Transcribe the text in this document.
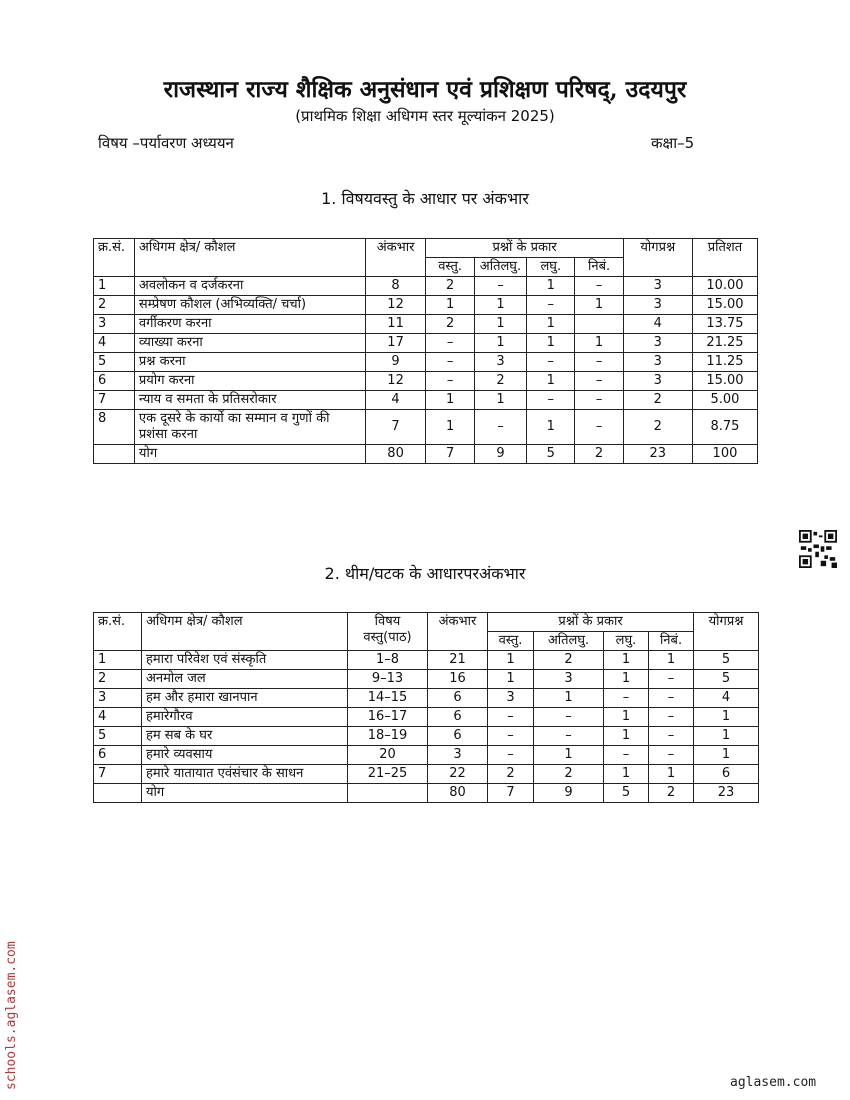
राजस्थान राज्य शैक्षिक अनुसंधान एवं प्रशिक्षण परिषद्, उदयपुर
(प्राथमिक शिक्षा अधिगम स्तर मूल्यांकन 2025)
विषय –पर्यावरण अध्ययन	कक्षा–5
1. विषयवस्तु के आधार पर अंकभार
क्र.सं.	अधिगम क्षेत्र/ कौशल	अंकभार	प्रश्नों के प्रकार				योगप्रश्न	प्रतिशत
			वस्तु.	अतिलघु.	लघु.	निबं.		
1	अवलोकन व दर्जकरना	8	2	–	1	–	3	10.00
2	सम्प्रेषण कौशल (अभिव्यक्ति/ चर्चा)	12	1	1	–	1	3	15.00
3	वर्गीकरण करना	11	2	1	1		4	13.75
4	व्याख्या करना	17	–	1	1	1	3	21.25
5	प्रश्न करना	9	–	3	–	–	3	11.25
6	प्रयोग करना	12	–	2	1	–	3	15.00
7	न्याय व समता के प्रतिसरोकार	4	1	1	–	–	2	5.00
8	एक दूसरे के कार्यो का सम्मान व गुणों की प्रशंसा करना	7	1	–	1	–	2	8.75
	योग	80	7	9	5	2	23	100
2. थीम/घटक के आधारपरअंकभार
क्र.सं.	अधिगम क्षेत्र/ कौशल	विषय वस्तु(पाठ)	अंकभार	प्रश्नों के प्रकार				योगप्रश्न
				वस्तु.	अतिलघु.	लघु.	निबं.	
1	हमारा परिवेश एवं संस्कृति	1–8	21	1	2	1	1	5
2	अनमोल जल	9–13	16	1	3	1	–	5
3	हम और हमारा खानपान	14–15	6	3	1	–	–	4
4	हमारेगौरव	16–17	6	–	–	1	–	1
5	हम सब के घर	18–19	6	–	–	1	–	1
6	हमारे व्यवसाय	20	3	–	1	–	–	1
7	हमारे यातायात एवंसंचार के साधन	21–25	22	2	2	1	1	6
	योग		80	7	9	5	2	23
schools.aglasem.com	aglasem.com
